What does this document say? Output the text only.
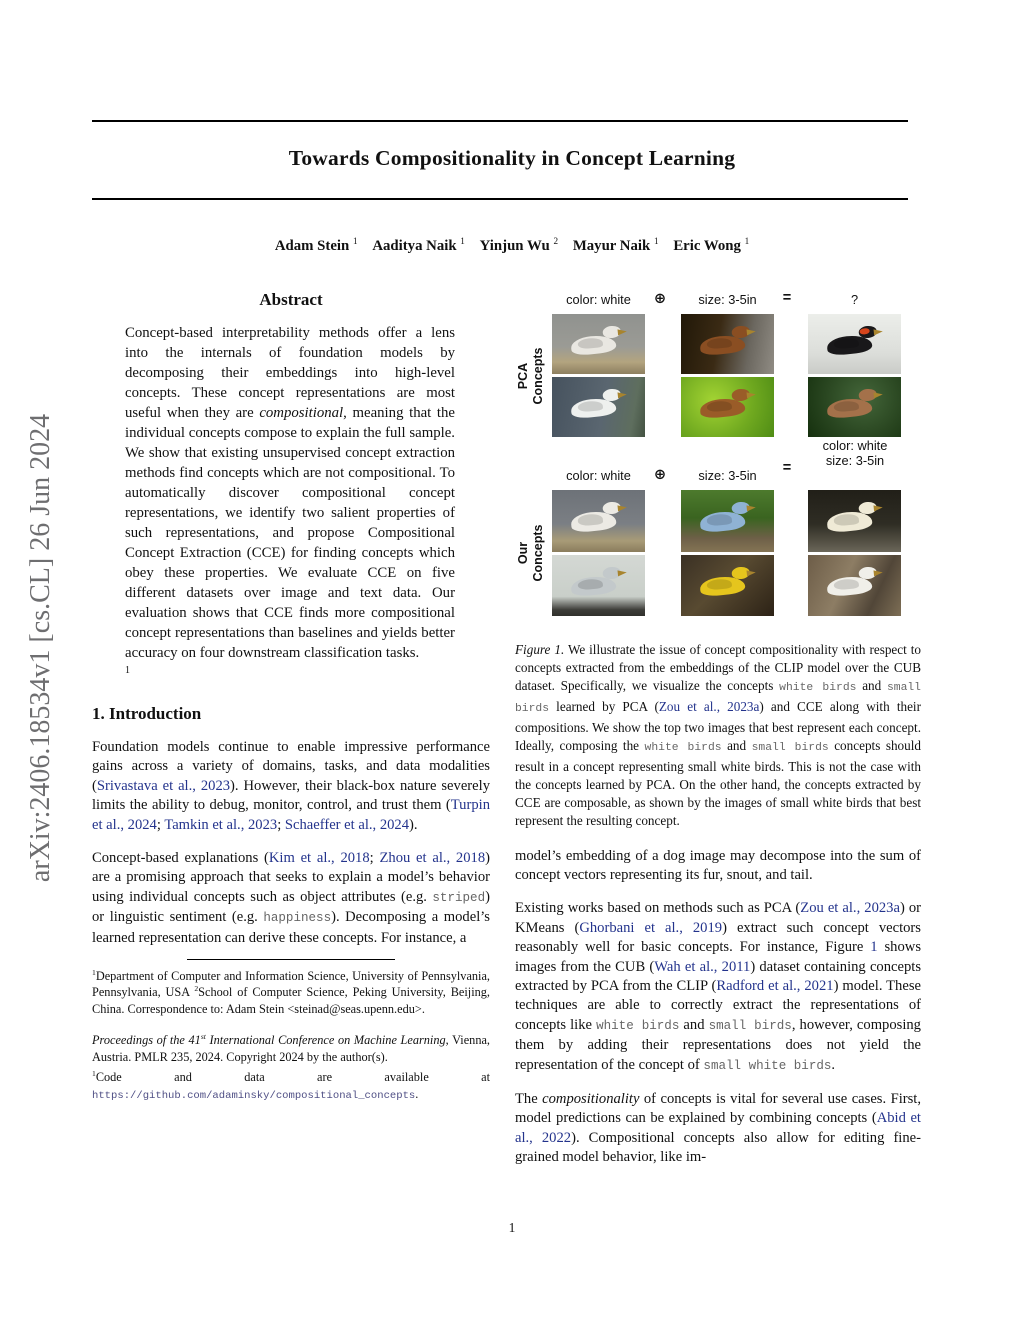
arXiv:2406.18534v1 [cs.CL] 26 Jun 2024
Towards Compositionality in Concept Learning
Adam Stein $^1$  Aaditya Naik $^1$  Yinjun Wu $^2$  Mayur Naik $^1$  Eric Wong $^1$
Abstract
Concept-based interpretability methods offer a lens into the internals of foundation models by decomposing their embeddings into high-level concepts. These concept representations are most useful when they are compositional, meaning that the individual concepts compose to explain the full sample. We show that existing unsupervised concept extraction methods find concepts which are not compositional. To automatically discover compositional concept representations, we identify two salient properties of such representations, and propose Compositional Concept Extraction (CCE) for finding concepts which obey these properties. We evaluate CCE on five different datasets over image and text data. Our evaluation shows that CCE finds more compositional concept representations than baselines and yields better accuracy on four downstream classification tasks.
1
1. Introduction
Foundation models continue to enable impressive performance gains across a variety of domains, tasks, and data modalities (Srivastava et al., 2023). However, their black-box nature severely limits the ability to debug, monitor, control, and trust them (Turpin et al., 2024; Tamkin et al., 2023; Schaeffer et al., 2024).
Concept-based explanations (Kim et al., 2018; Zhou et al., 2018) are a promising approach that seeks to explain a model’s behavior using individual concepts such as object attributes (e.g. striped) or linguistic sentiment (e.g. happiness). Decomposing a model’s learned representation can derive these concepts. For instance, a
$^1$Department of Computer and Information Science, University of Pennsylvania, Pennsylvania, USA $^2$School of Computer Science, Peking University, Beijing, China. Correspondence to: Adam Stein <steinad@seas.upenn.edu>.
Proceedings of the 41st International Conference on Machine Learning, Vienna, Austria. PMLR 235, 2024. Copyright 2024 by the author(s).
$^1$Code and data are available at https://github.com/adaminsky/compositional_concepts.
PCA Concepts
color: white	⊕	size: 3-5in	=	?
Our Concepts
color: white
size: 3-5in
color: white	⊕	size: 3-5in	=
Figure 1. We illustrate the issue of concept compositionality with respect to concepts extracted from the embeddings of the CLIP model over the CUB dataset. Specifically, we visualize the concepts white birds and small birds learned by PCA (Zou et al., 2023a) and CCE along with their compositions. We show the top two images that best represent each concept. Ideally, composing the white birds and small birds concepts should result in a concept representing small white birds. This is not the case with the concepts learned by PCA. On the other hand, the concepts extracted by CCE are composable, as shown by the images of small white birds that best represent the resulting concept.
model’s embedding of a dog image may decompose into the sum of concept vectors representing its fur, snout, and tail.
Existing works based on methods such as PCA (Zou et al., 2023a) or KMeans (Ghorbani et al., 2019) extract such concept vectors reasonably well for basic concepts. For instance, Figure 1 shows images from the CUB (Wah et al., 2011) dataset containing concepts extracted by PCA from the CLIP (Radford et al., 2021) model. These techniques are able to correctly extract the representations of concepts like white birds and small birds, however, composing them by adding their representations does not yield the representation of the concept of small white birds.
The compositionality of concepts is vital for several use cases. First, model predictions can be explained by combining concepts (Abid et al., 2022). Compositional concepts also allow for editing fine-grained model behavior, like im-
1
